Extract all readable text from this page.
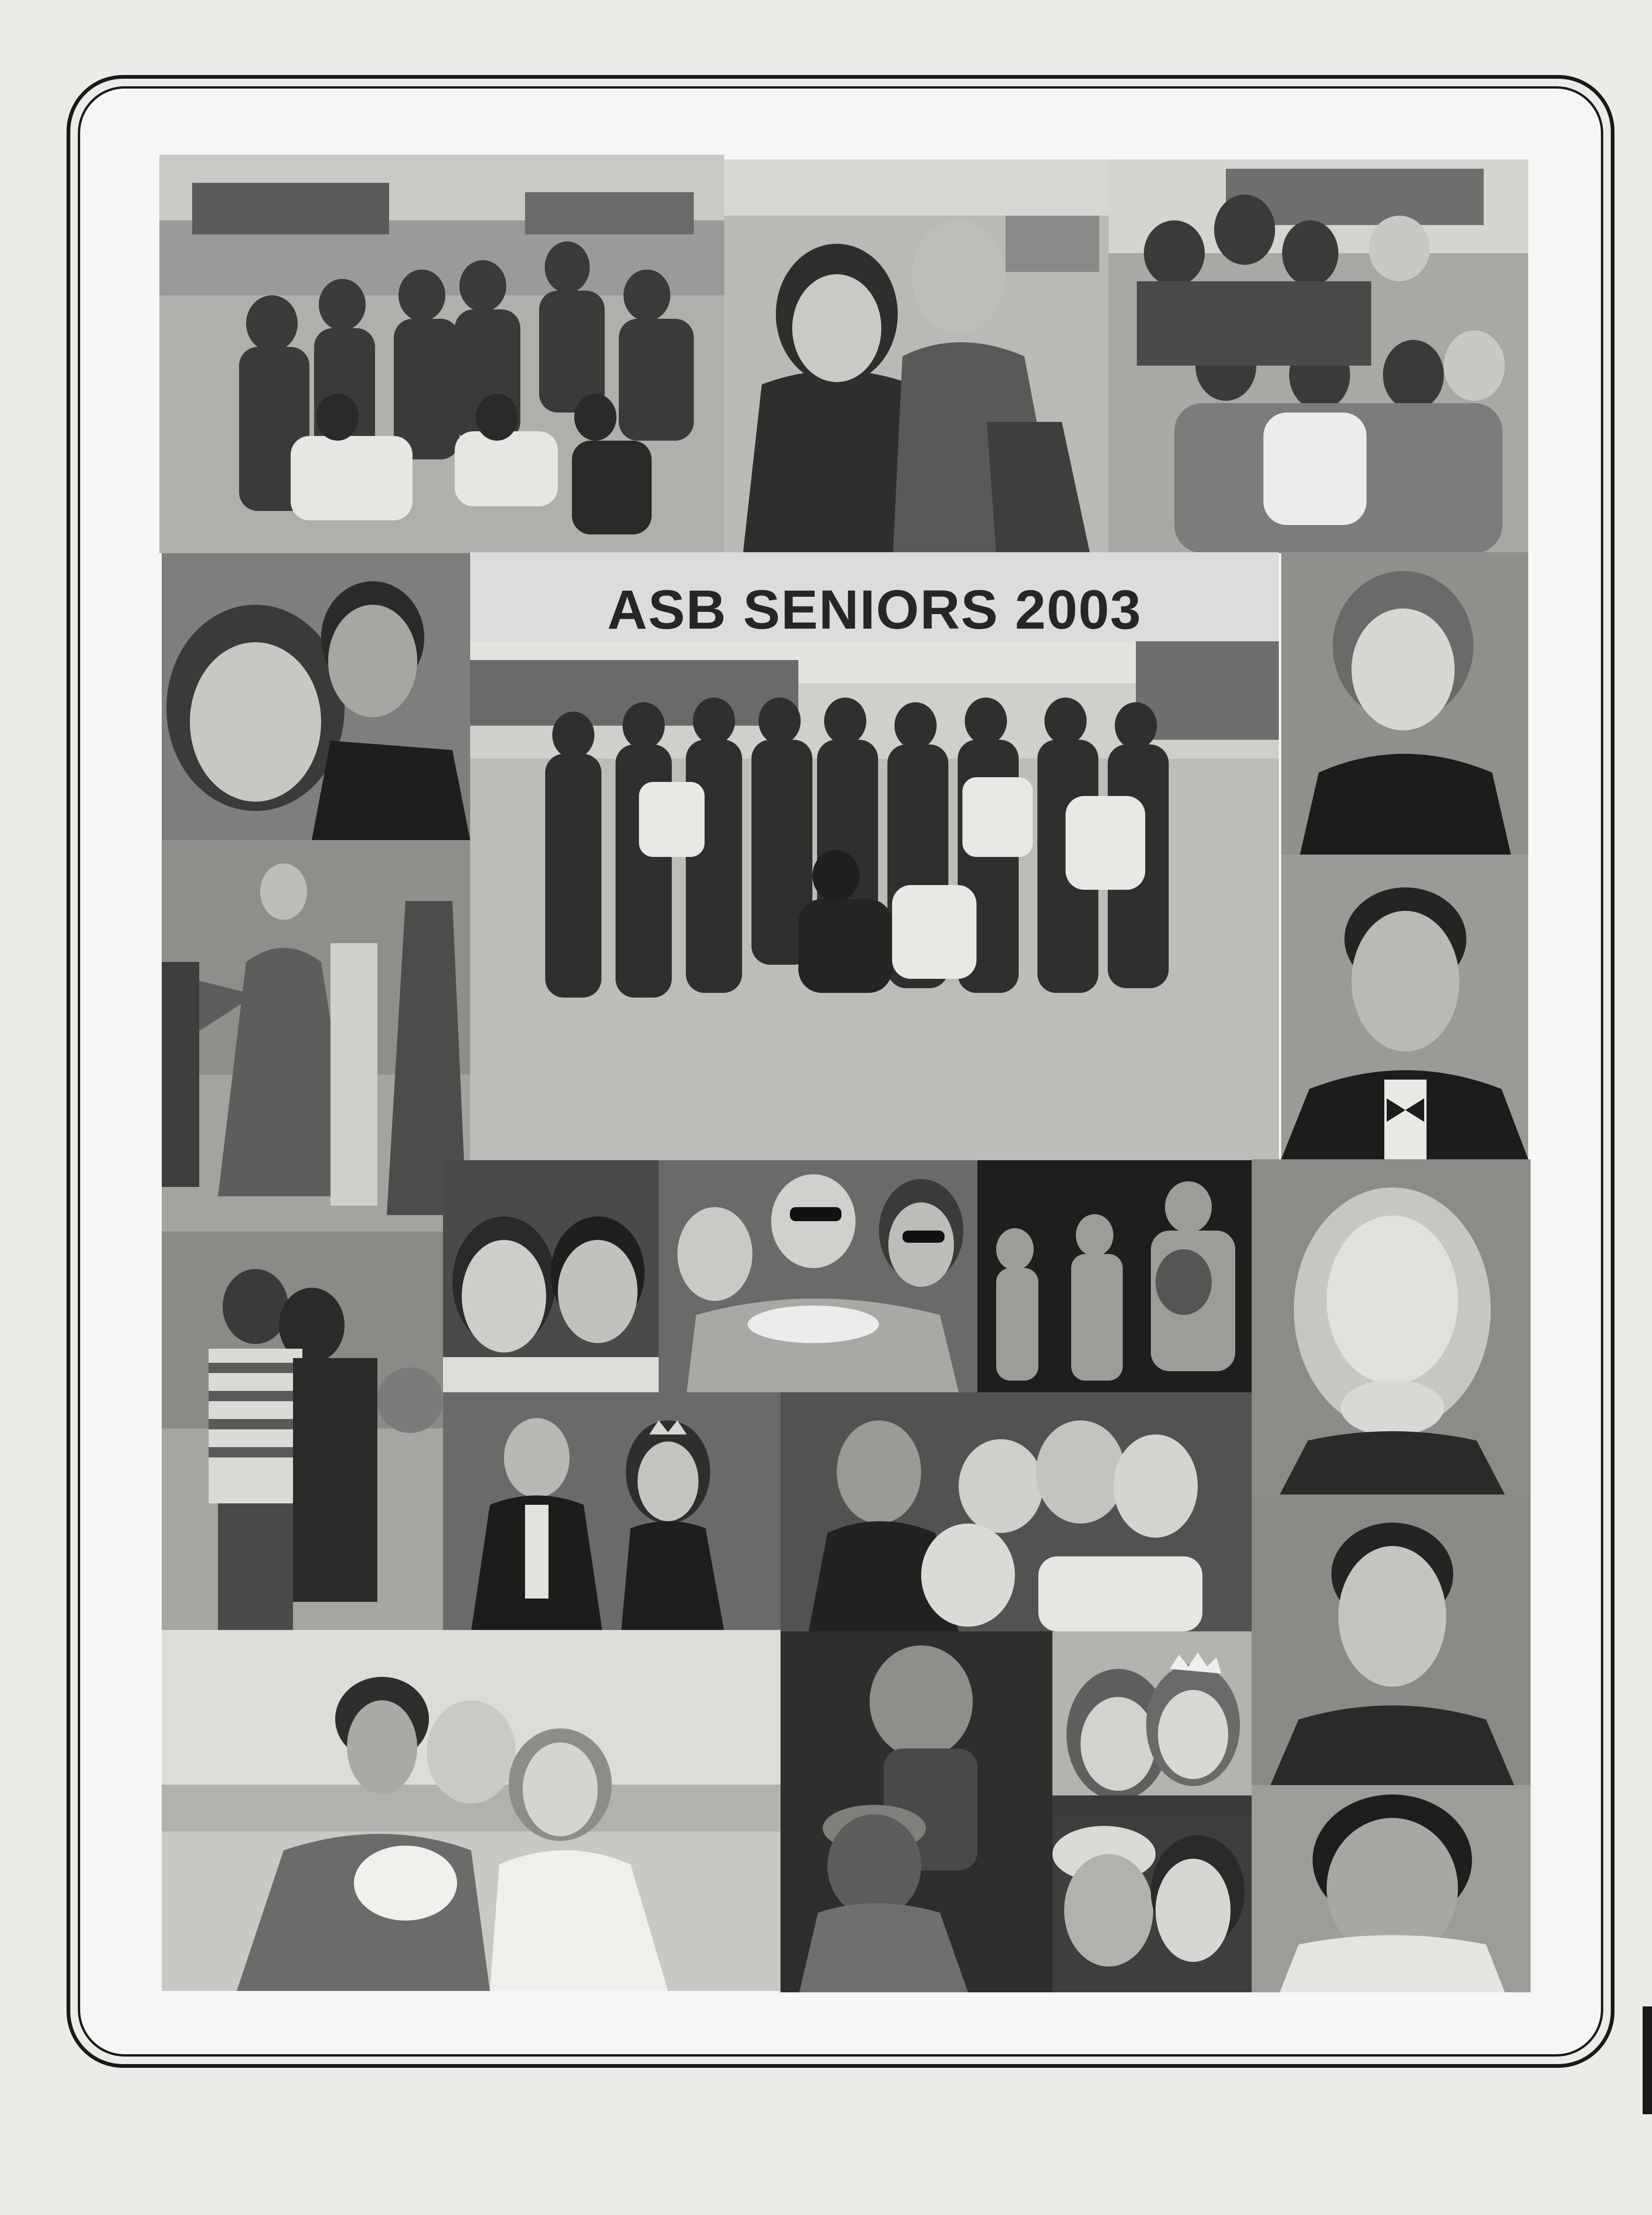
ASB SENIORS 2003
